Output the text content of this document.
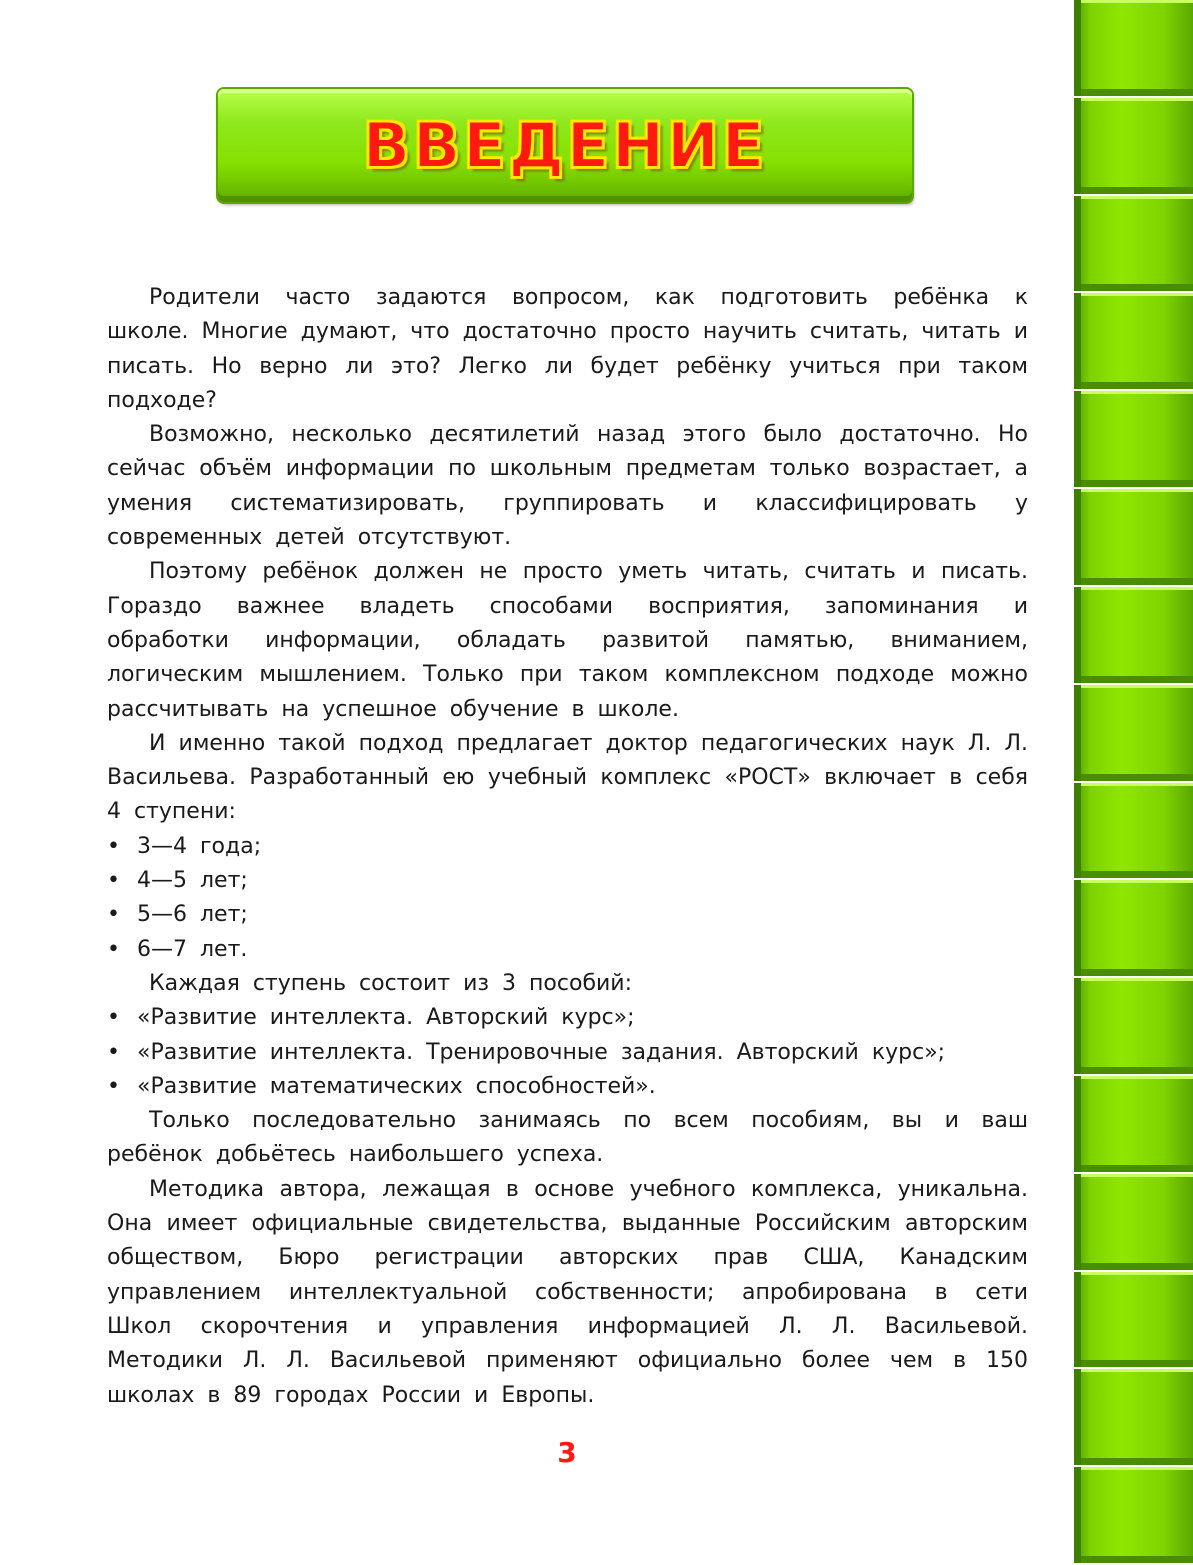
ВВЕДЕНИЕ

Родители часто задаются вопросом, как подготовить ребёнка к школе. Многие думают, что достаточно просто научить считать, читать и писать. Но верно ли это? Легко ли будет ребёнку учиться при таком подходе?

Возможно, несколько десятилетий назад этого было достаточно. Но сейчас объём информации по школьным предметам только возрастает, а умения систематизировать, группировать и классифицировать у современных детей отсутствуют.

Поэтому ребёнок должен не просто уметь читать, считать и писать. Гораздо важнее владеть способами восприятия, запоминания и обработки информации, обладать развитой памятью, вниманием, логическим мышлением. Только при таком комплексном подходе можно рассчитывать на успешное обучение в школе.

И именно такой подход предлагает доктор педагогических наук Л. Л. Васильева. Разработанный ею учебный комплекс «РОСТ» включает в себя 4 ступени:

• 3—4 года;
• 4—5 лет;
• 5—6 лет;
• 6—7 лет.

Каждая ступень состоит из 3 пособий:

• «Развитие интеллекта. Авторский курс»;
• «Развитие интеллекта. Тренировочные задания. Авторский курс»;
• «Развитие математических способностей».

Только последовательно занимаясь по всем пособиям, вы и ваш ребёнок добьётесь наибольшего успеха.

Методика автора, лежащая в основе учебного комплекса, уникальна. Она имеет официальные свидетельства, выданные Российским авторским обществом, Бюро регистрации авторских прав США, Канадским управлением интеллектуальной собственности; апробирована в сети Школ скорочтения и управления информацией Л. Л. Васильевой. Методики Л. Л. Васильевой применяют официально более чем в 150 школах в 89 городах России и Европы.

3
